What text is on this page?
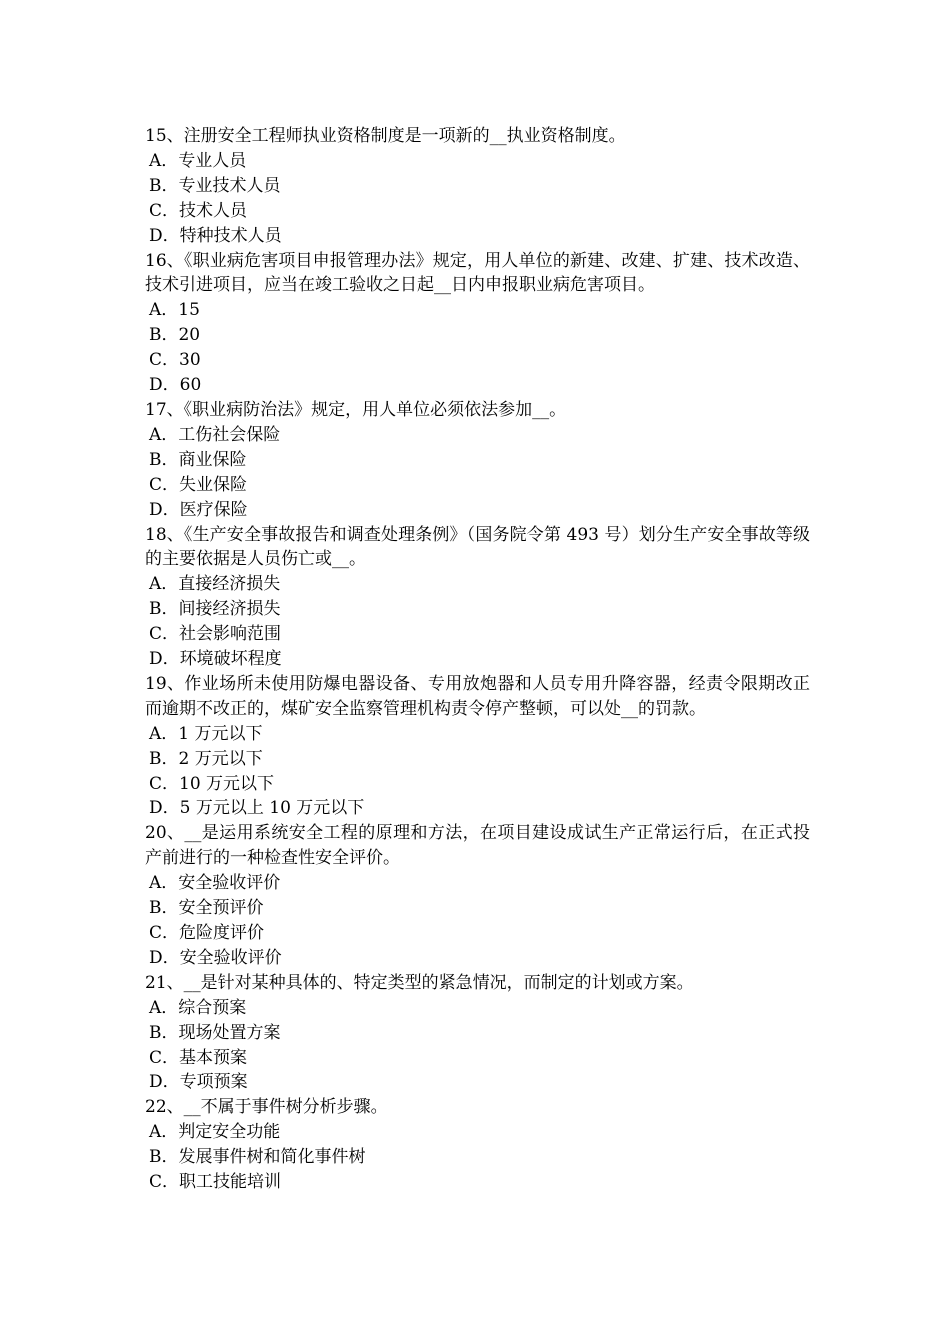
15、注册安全工程师执业资格制度是一项新的__执业资格制度。

A．专业人员

B．专业技术人员

C．技术人员

D．特种技术人员

16、《职业病危害项目申报管理办法》规定，用人单位的新建、改建、扩建、技术改造、技术引进项目，应当在竣工验收之日起__日内申报职业病危害项目。

A．15

B．20

C．30

D．60

17、《职业病防治法》规定，用人单位必须依法参加__。

A．工伤社会保险

B．商业保险

C．失业保险

D．医疗保险

18、《生产安全事故报告和调查处理条例》（国务院令第 493 号）划分生产安全事故等级的主要依据是人员伤亡或__。

A．直接经济损失

B．间接经济损失

C．社会影响范围

D．环境破坏程度

19、作业场所未使用防爆电器设备、专用放炮器和人员专用升降容器，经责令限期改正而逾期不改正的，煤矿安全监察管理机构责令停产整顿，可以处__的罚款。

A．1 万元以下

B．2 万元以下

C．10 万元以下

D．5 万元以上 10 万元以下

20、__是运用系统安全工程的原理和方法，在项目建设成试生产正常运行后，在正式投产前进行的一种检查性安全评价。

A．安全验收评价

B．安全预评价

C．危险度评价

D．安全验收评价

21、__是针对某种具体的、特定类型的紧急情况，而制定的计划或方案。

A．综合预案

B．现场处置方案

C．基本预案

D．专项预案

22、__不属于事件树分析步骤。

A．判定安全功能

B．发展事件树和简化事件树

C．职工技能培训
